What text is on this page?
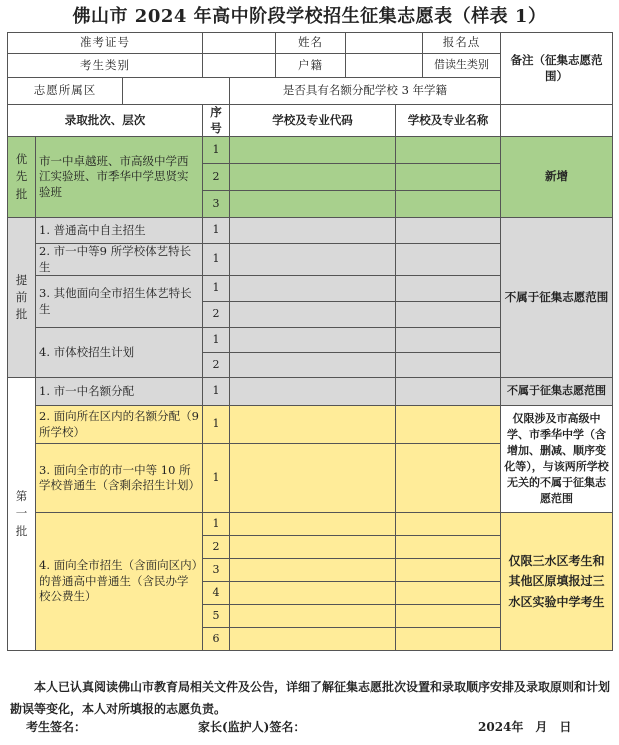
佛山市 2024 年高中阶段学校招生征集志愿表（样表 1）
准考证号					姓名			报名点	备注（征集志愿范围）
考生类别					户籍			借读生类别	
志愿所属区				是否具有名额分配学校 3 年学籍					
录取批次、层次			序号	学校及专业代码			学校及专业名称		
优
先
批	市一中卓越班、市高级中学西江实验班、市季华中学思贤实验班		1						新增
			2						
			3						
提
前
批	1. 普通高中自主招生		1						不属于征集志愿范围
	2. 市一中等9 所学校体艺特长生		1						
	3. 其他面向全市招生体艺特长生		1						
			2						
	4. 市体校招生计划		1						
			2						
第
一
批	1. 市一中名额分配		1						不属于征集志愿范围
	2. 面向所在区内的名额分配（9 所学校）		1						仅限涉及市高级中学、市季华中学（含增加、删减、顺序变化等），与该两所学校无关的不属于征集志愿范围
	3. 面向全市的市一中等 10 所学校普通生（含剩余招生计划）		1						
	4. 面向全市招生（含面向区内）的普通高中普通生（含民办学校公费生）		1						仅限三水区考生和其他区原填报过三水区实验中学考生
			2						
			3						
			4						
			5						
			6						
本人已认真阅读佛山市教育局相关文件及公告，详细了解征集志愿批次设置和录取顺序安排及录取原则和计划勘误等变化，本人对所填报的志愿负责。
考生签名：	家长(监护人)签名：	2024年　月　日
